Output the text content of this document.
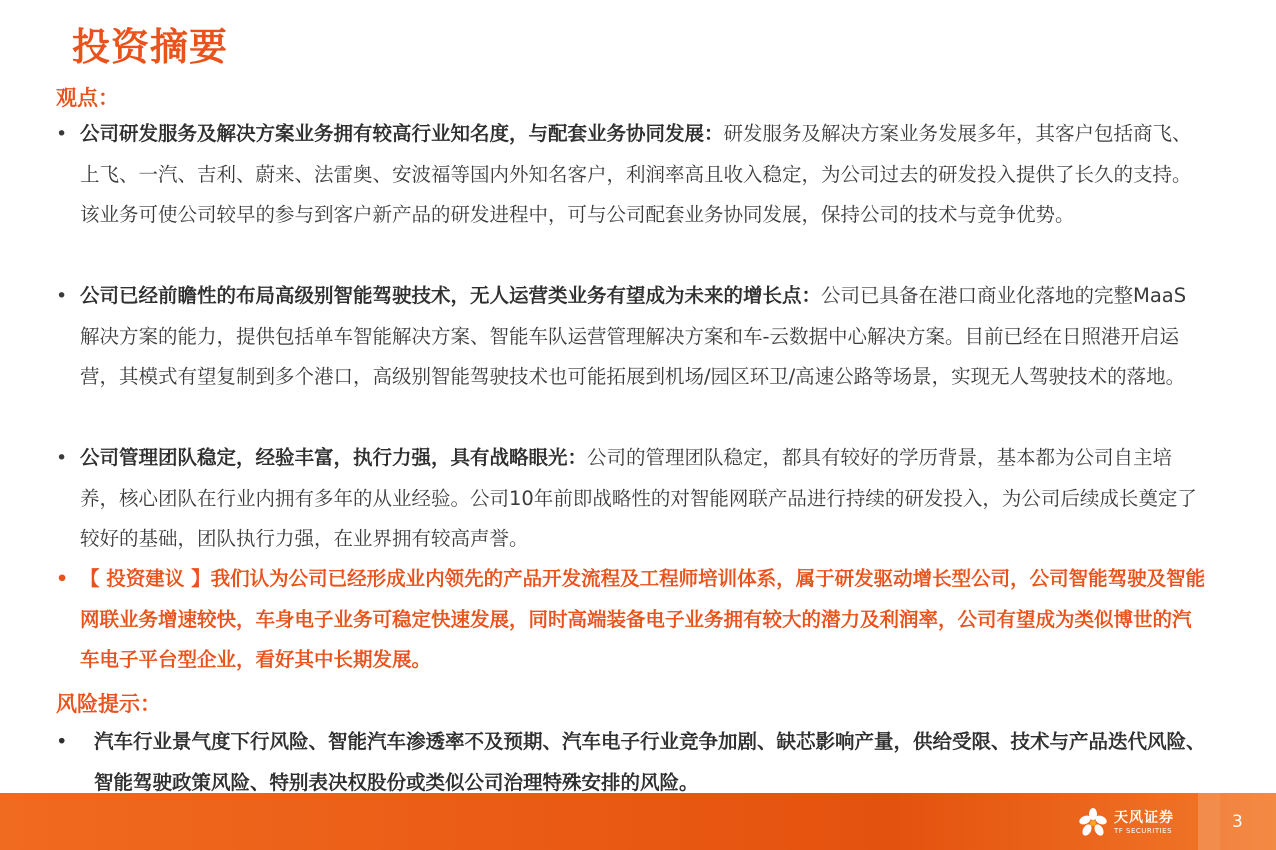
投资摘要
观点：
• 公司研发服务及解决方案业务拥有较高行业知名度，与配套业务协同发展：研发服务及解决方案业务发展多年，其客户包括商飞、上飞、一汽、吉利、蔚来、法雷奥、安波福等国内外知名客户，利润率高且收入稳定，为公司过去的研发投入提供了长久的支持。该业务可使公司较早的参与到客户新产品的研发进程中，可与公司配套业务协同发展，保持公司的技术与竞争优势。
• 公司已经前瞻性的布局高级别智能驾驶技术，无人运营类业务有望成为未来的增长点：公司已具备在港口商业化落地的完整MaaS 解决方案的能力，提供包括单车智能解决方案、智能车队运营管理解决方案和车-云数据中心解决方案。目前已经在日照港开启运营，其模式有望复制到多个港口，高级别智能驾驶技术也可能拓展到机场/园区环卫/高速公路等场景，实现无人驾驶技术的落地。
• 公司管理团队稳定，经验丰富，执行力强，具有战略眼光：公司的管理团队稳定，都具有较好的学历背景，基本都为公司自主培养，核心团队在行业内拥有多年的从业经验。公司10年前即战略性的对智能网联产品进行持续的研发投入，为公司后续成长奠定了较好的基础，团队执行力强，在业界拥有较高声誉。
• 【 投资建议 】我们认为公司已经形成业内领先的产品开发流程及工程师培训体系，属于研发驱动增长型公司，公司智能驾驶及智能网联业务增速较快，车身电子业务可稳定快速发展，同时高端装备电子业务拥有较大的潜力及利润率，公司有望成为类似博世的汽车电子平台型企业，看好其中长期发展。
风险提示：
• 汽车行业景气度下行风险、智能汽车渗透率不及预期、汽车电子行业竞争加剧、缺芯影响产量，供给受限、技术与产品迭代风险、智能驾驶政策风险、特别表决权股份或类似公司治理特殊安排的风险。
天风证券
TF SECURITIES	3
